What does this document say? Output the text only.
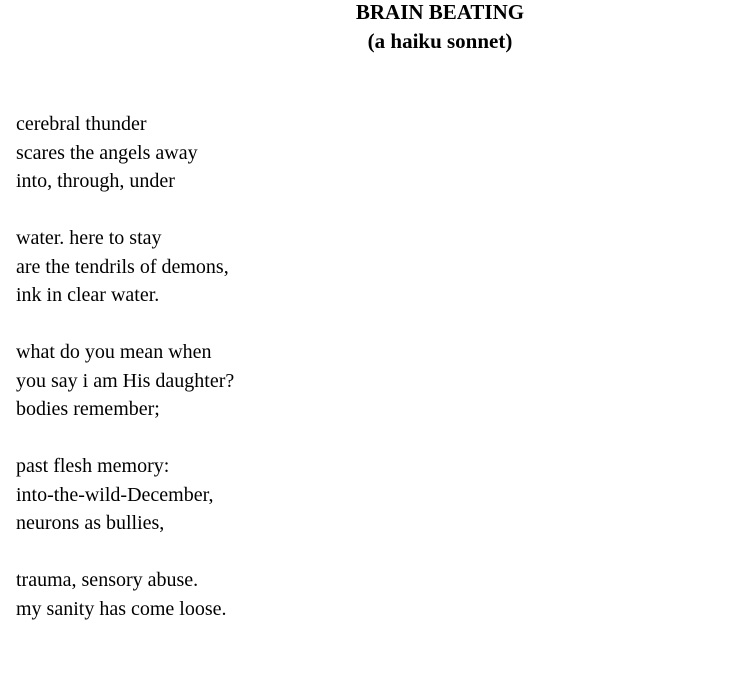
BRAIN BEATING
(a haiku sonnet)
cerebral thunder
scares the angels away
into, through, under
water. here to stay
are the tendrils of demons,
ink in clear water.
what do you mean when
you say i am His daughter?
bodies remember;
past flesh memory:
into-the-wild-December,
neurons as bullies,
trauma, sensory abuse.
my sanity has come loose.
